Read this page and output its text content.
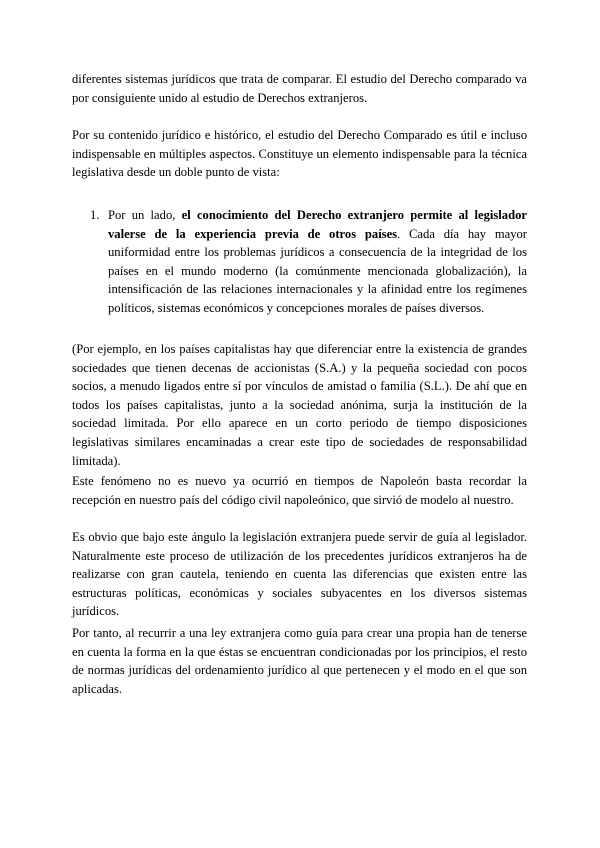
diferentes sistemas jurídicos que trata de comparar. El estudio del Derecho comparado va por consiguiente unido al estudio de Derechos extranjeros.

Por su contenido jurídico e histórico, el estudio del Derecho Comparado es útil e incluso indispensable en múltiples aspectos. Constituye un elemento indispensable para la técnica legislativa desde un doble punto de vista:

1. Por un lado, el conocimiento del Derecho extranjero permite al legislador valerse de la experiencia previa de otros países. Cada día hay mayor uniformidad entre los problemas jurídicos a consecuencia de la integridad de los países en el mundo moderno (la comúnmente mencionada globalización), la intensificación de las relaciones internacionales y la afinidad entre los regímenes políticos, sistemas económicos y concepciones morales de países diversos.

(Por ejemplo, en los países capitalistas hay que diferenciar entre la existencia de grandes sociedades que tienen decenas de accionistas (S.A.) y la pequeña sociedad con pocos socios, a menudo ligados entre sí por vínculos de amistad o familia (S.L.). De ahí que en todos los países capitalistas, junto a la sociedad anónima, surja la institución de la sociedad limitada. Por ello aparece en un corto periodo de tiempo disposiciones legislativas similares encaminadas a crear este tipo de sociedades de responsabilidad limitada).

Este fenómeno no es nuevo ya ocurrió en tiempos de Napoleón basta recordar la recepción en nuestro país del código civil napoleónico, que sirvió de modelo al nuestro.

Es obvio que bajo este ángulo la legislación extranjera puede servir de guía al legislador. Naturalmente este proceso de utilización de los precedentes jurídicos extranjeros ha de realizarse con gran cautela, teniendo en cuenta las diferencias que existen entre las estructuras políticas, económicas y sociales subyacentes en los diversos sistemas jurídicos.

Por tanto, al recurrir a una ley extranjera como guía para crear una propia han de tenerse en cuenta la forma en la que éstas se encuentran condicionadas por los principios, el resto de normas jurídicas del ordenamiento jurídico al que pertenecen y el modo en el que son aplicadas.
